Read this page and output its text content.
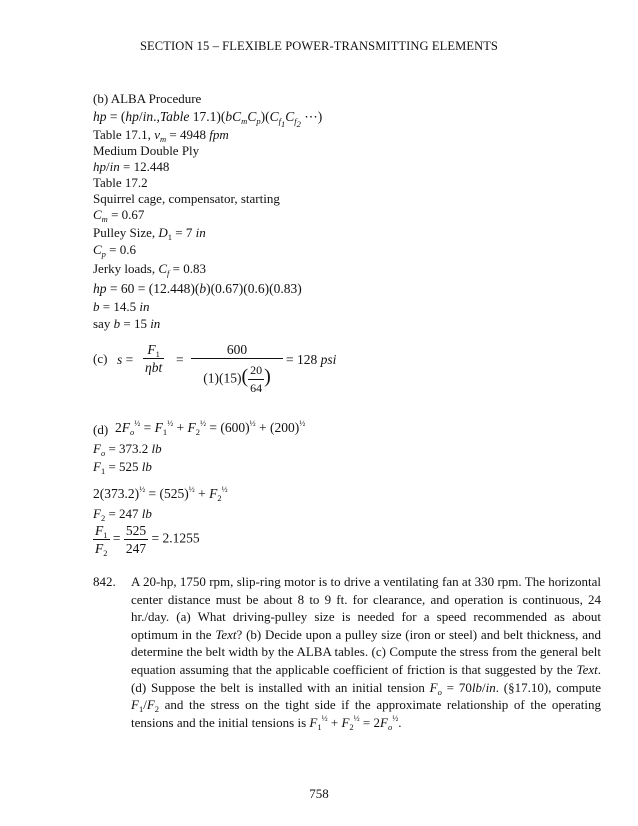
SECTION 15 – FLEXIBLE POWER-TRANSMITTING ELEMENTS
(b) ALBA Procedure
hp = (hp/in.,Table $17.1)(bC_mC_p)(C_{f_1}C_{f_2}$ ⋯)
Table 17.1, $v_m = 4948$ fpm
Medium Double Ply
hp/in = 12.448
Table 17.2
Squirrel cage, compensator, starting
$C_m = 0.67$
Pulley Size, $D_1 = 7$ in
$C_p = 0.6$
Jerky loads, $C_f = 0.83$
hp = 60 = (12.448)(b)(0.67)(0.6)(0.83)
b = 14.5 in
say b = 15 in
(c) $s = \frac{F_1}{\text{ηbt}} = \frac{600}{(1)(15)( \frac{20}{64} )} = 128$ psi
(d) $2F_o^{\frac{1}{2}} = F_1^{\frac{1}{2}} + F_2^{\frac{1}{2}} = (600)^{\frac{1}{2}} + (200)^{\frac{1}{2}}$
$F_o = 373.2$ lb
$F_1 = 525$ lb
$2(373.2)^{\frac{1}{2}} = (525)^{\frac{1}{2}} + F_2^{\frac{1}{2}}$
$F_2 = 247$ lb
$\frac{F_1}{F_2} = \frac{525}{247} = 2.1255$
842. A 20-hp, 1750 rpm, slip-ring motor is to drive a ventilating fan at 330 rpm. The horizontal center distance must be about 8 to 9 ft. for clearance, and operation is continuous, 24 hr./day. (a) What driving-pulley size is needed for a speed recommended as about optimum in the Text? (b) Decide upon a pulley size (iron or steel) and belt thickness, and determine the belt width by the ALBA tables. (c) Compute the stress from the general belt equation assuming that the applicable coefficient of friction is that suggested by the Text. (d) Suppose the belt is installed with an initial tension $F_o = 70lb/in$. (§17.10), compute $F_1/F_2$ and the stress on the tight side if the approximate relationship of the operating tensions and the initial tensions is $F_1^{\frac{1}{2}} + F_2^{\frac{1}{2}} = 2F_o^{\frac{1}{2}}$.
758
